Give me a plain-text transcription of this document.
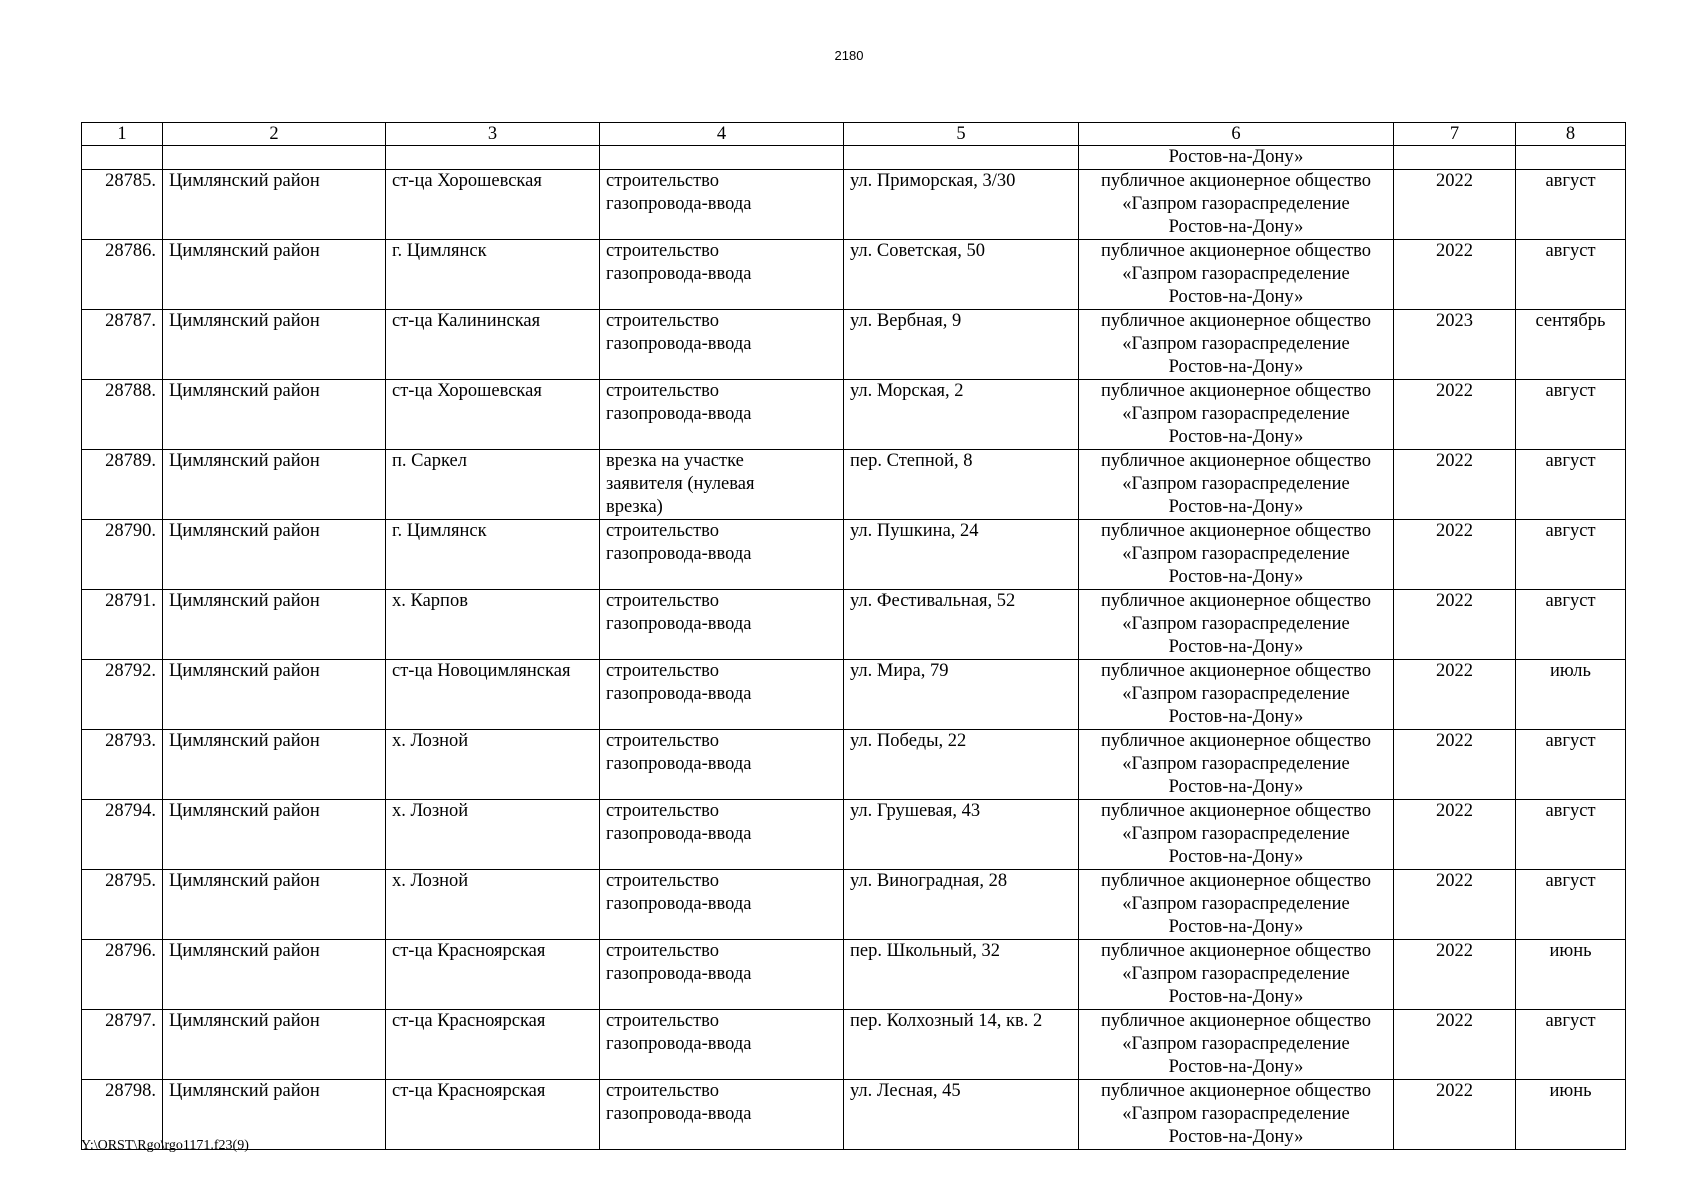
2180
1	2	3	4	5	6	7	8
					Ростов-на-Дону»		
28785.	Цимлянский район	ст-ца Хорошевская	строительство
газопровода-ввода	ул. Приморская, 3/30	публичное акционерное общество
«Газпром газораспределение
Ростов-на-Дону»	2022	август
28786.	Цимлянский район	г. Цимлянск	строительство
газопровода-ввода	ул. Советская, 50	публичное акционерное общество
«Газпром газораспределение
Ростов-на-Дону»	2022	август
28787.	Цимлянский район	ст-ца Калининская	строительство
газопровода-ввода	ул. Вербная, 9	публичное акционерное общество
«Газпром газораспределение
Ростов-на-Дону»	2023	сентябрь
28788.	Цимлянский район	ст-ца Хорошевская	строительство
газопровода-ввода	ул. Морская, 2	публичное акционерное общество
«Газпром газораспределение
Ростов-на-Дону»	2022	август
28789.	Цимлянский район	п. Саркел	врезка на участке
заявителя (нулевая
врезка)	пер. Степной, 8	публичное акционерное общество
«Газпром газораспределение
Ростов-на-Дону»	2022	август
28790.	Цимлянский район	г. Цимлянск	строительство
газопровода-ввода	ул. Пушкина, 24	публичное акционерное общество
«Газпром газораспределение
Ростов-на-Дону»	2022	август
28791.	Цимлянский район	х. Карпов	строительство
газопровода-ввода	ул. Фестивальная, 52	публичное акционерное общество
«Газпром газораспределение
Ростов-на-Дону»	2022	август
28792.	Цимлянский район	ст-ца Новоцимлянская	строительство
газопровода-ввода	ул. Мира, 79	публичное акционерное общество
«Газпром газораспределение
Ростов-на-Дону»	2022	июль
28793.	Цимлянский район	х. Лозной	строительство
газопровода-ввода	ул. Победы, 22	публичное акционерное общество
«Газпром газораспределение
Ростов-на-Дону»	2022	август
28794.	Цимлянский район	х. Лозной	строительство
газопровода-ввода	ул. Грушевая, 43	публичное акционерное общество
«Газпром газораспределение
Ростов-на-Дону»	2022	август
28795.	Цимлянский район	х. Лозной	строительство
газопровода-ввода	ул. Виноградная, 28	публичное акционерное общество
«Газпром газораспределение
Ростов-на-Дону»	2022	август
28796.	Цимлянский район	ст-ца Красноярская	строительство
газопровода-ввода	пер. Школьный, 32	публичное акционерное общество
«Газпром газораспределение
Ростов-на-Дону»	2022	июнь
28797.	Цимлянский район	ст-ца Красноярская	строительство
газопровода-ввода	пер. Колхозный 14, кв. 2	публичное акционерное общество
«Газпром газораспределение
Ростов-на-Дону»	2022	август
28798.	Цимлянский район	ст-ца Красноярская	строительство
газопровода-ввода	ул. Лесная, 45	публичное акционерное общество
«Газпром газораспределение
Ростов-на-Дону»	2022	июнь
Y:\ORST\Rgo\rgo1171.f23(9)
